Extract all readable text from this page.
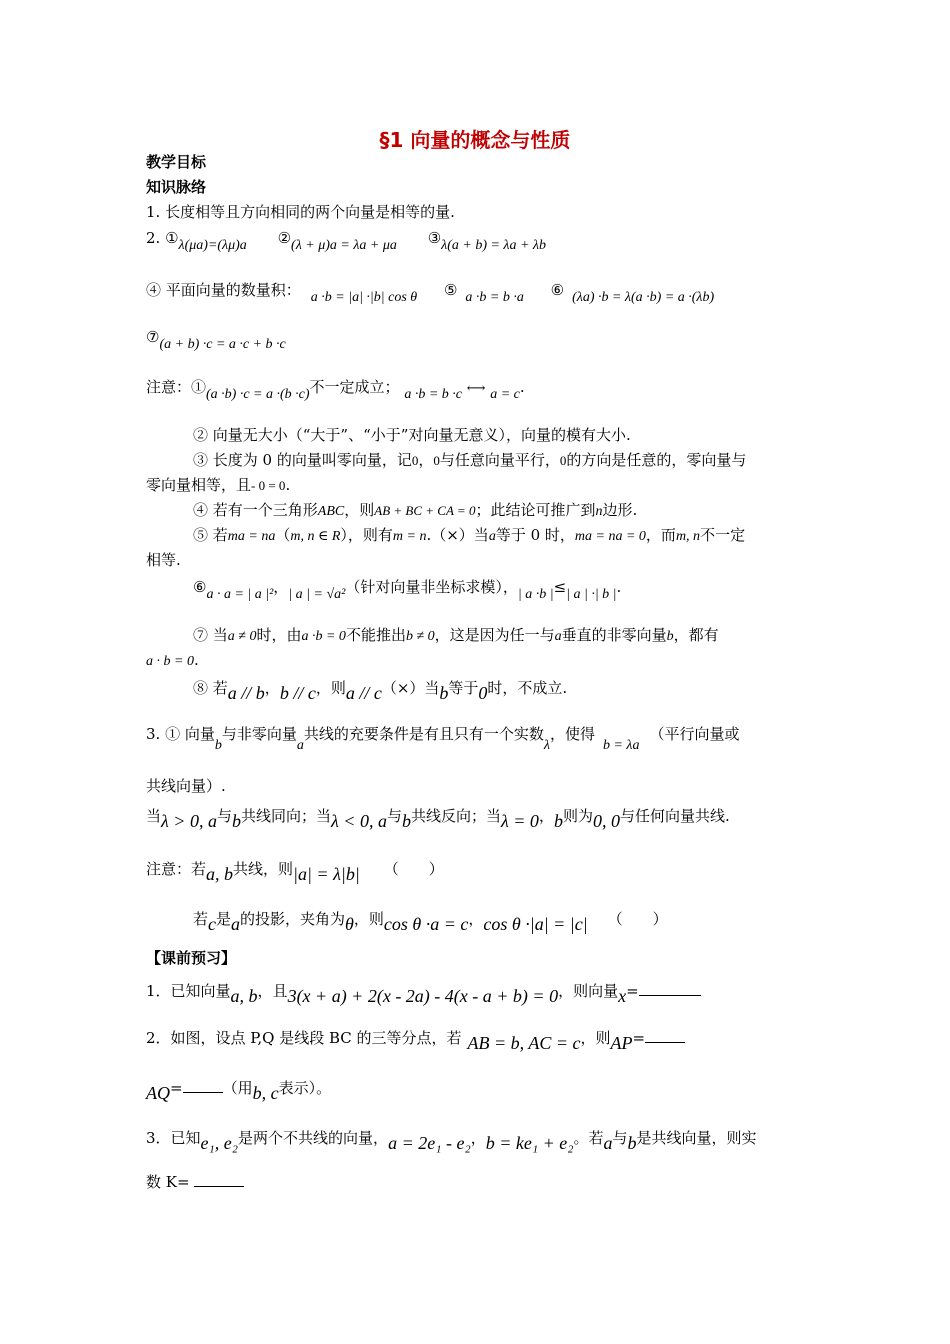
§1 向量的概念与性质
教学目标
知识脉络
1. 长度相等且方向相同的两个向量是相等的量.
2. ①λ(μa)=(λμ)a ②(λ + μ)a = λa + μa ③λ(a + b) = λa + λb
④ 平面向量的数量积： a ·b = |a| ·|b| cos θ ⑤ a ·b = b ·a ⑥ (λa) ·b = λ(a ·b) = a ·(λb)
⑦(a + b) ·c = a ·c + b ·c
注意：①(a ·b) ·c = a ·(b ·c)不一定成立； a ·b = b ·c ⟷ a = c.
② 向量无大小（“大于”、“小于”对向量无意义），向量的模有大小.
③ 长度为 0 的向量叫零向量，记0，0与任意向量平行，0的方向是任意的，零向量与
零向量相等，且- 0 = 0.
④ 若有一个三角形ABC，则AB + BC + CA = 0；此结论可推广到n边形.
⑤ 若ma = na（m, n ∈ R），则有m = n.（×）当a等于 0 时，ma = na = 0，而m, n不一定
相等.
⑥a · a = | a |²，| a | = √a²（针对向量非坐标求模），| a ·b |≤| a | ·| b |.
⑦ 当a ≠ 0时，由a ·b = 0不能推出b ≠ 0，这是因为任一与a垂直的非零向量b，都有
a · b = 0.
⑧ 若a // b，b // c，则a // c（×）当b等于0时，不成立.
3. ① 向量b与非零向量a共线的充要条件是有且只有一个实数λ，使得b = λa（平行向量或
共线向量）.
当λ > 0, a与b共线同向；当λ < 0, a与b共线反向；当λ = 0，b则为0, 0与任何向量共线.
注意：若a, b共线，则|a| = λ|b| （　　）
若c是a的投影，夹角为θ，则cos θ ·a = c，cos θ ·|a| = |c| （　　）
【课前预习】
1．已知向量a, b，且3(x + a) + 2(x - 2a) - 4(x - a + b) = 0，则向量x=
2．如图，设点 P,Q 是线段 BC 的三等分点，若 AB = b, AC = c，则AP=
AQ=	（用b, c表示）。
3．已知e₁, e₂是两个不共线的向量，a = 2e₁ - e₂，b = ke₁ + e₂。若a与b是共线向量，则实
数 K=
